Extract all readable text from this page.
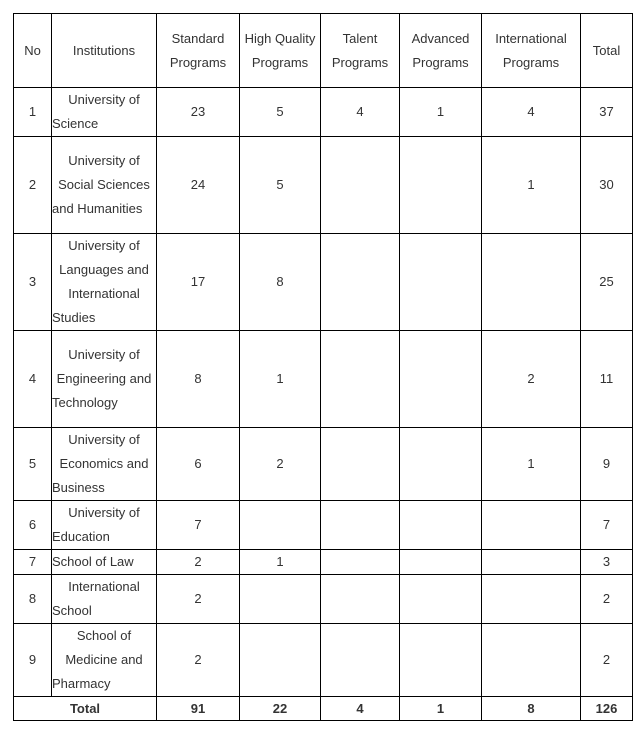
No	Institutions	Standard Programs	High Quality Programs	Talent Programs	Advanced Programs	International Programs	Total

1	University of Science	23	5	4	1	4	37
2	University of Social Sciences and Humanities	24	5			1	30
3	University of Languages and International Studies	17	8				25
4	University of Engineering and Technology	8	1			2	11
5	University of Economics and Business	6	2			1	9
6	University of Education	7					7
7	School of Law	2	1				3
8	International School	2					2
9	School of Medicine and Pharmacy	2					2
Total		91	22	4	1	8	126
